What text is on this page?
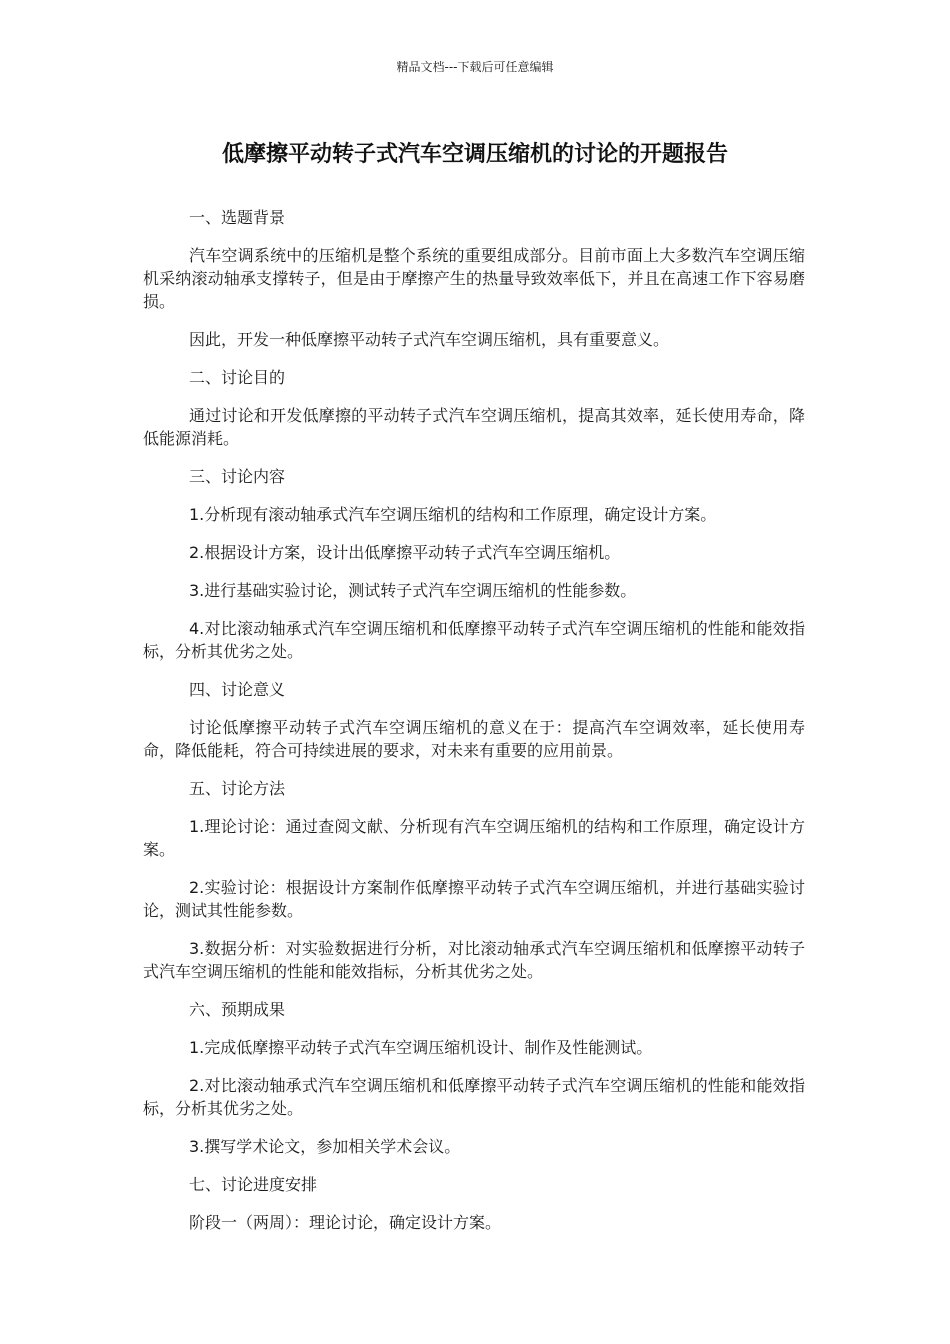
精品文档---下载后可任意编辑
低摩擦平动转子式汽车空调压缩机的讨论的开题报告

一、选题背景

汽车空调系统中的压缩机是整个系统的重要组成部分。目前市面上大多数汽车空调压缩机采纳滚动轴承支撑转子，但是由于摩擦产生的热量导致效率低下，并且在高速工作下容易磨损。

因此，开发一种低摩擦平动转子式汽车空调压缩机，具有重要意义。

二、讨论目的

通过讨论和开发低摩擦的平动转子式汽车空调压缩机，提高其效率，延长使用寿命，降低能源消耗。

三、讨论内容

1.分析现有滚动轴承式汽车空调压缩机的结构和工作原理，确定设计方案。

2.根据设计方案，设计出低摩擦平动转子式汽车空调压缩机。

3.进行基础实验讨论，测试转子式汽车空调压缩机的性能参数。

4.对比滚动轴承式汽车空调压缩机和低摩擦平动转子式汽车空调压缩机的性能和能效指标，分析其优劣之处。

四、讨论意义

讨论低摩擦平动转子式汽车空调压缩机的意义在于：提高汽车空调效率，延长使用寿命，降低能耗，符合可持续进展的要求，对未来有重要的应用前景。

五、讨论方法

1.理论讨论：通过查阅文献、分析现有汽车空调压缩机的结构和工作原理，确定设计方案。

2.实验讨论：根据设计方案制作低摩擦平动转子式汽车空调压缩机，并进行基础实验讨论，测试其性能参数。

3.数据分析：对实验数据进行分析，对比滚动轴承式汽车空调压缩机和低摩擦平动转子式汽车空调压缩机的性能和能效指标，分析其优劣之处。

六、预期成果

1.完成低摩擦平动转子式汽车空调压缩机设计、制作及性能测试。

2.对比滚动轴承式汽车空调压缩机和低摩擦平动转子式汽车空调压缩机的性能和能效指标，分析其优劣之处。

3.撰写学术论文，参加相关学术会议。

七、讨论进度安排

阶段一（两周）：理论讨论，确定设计方案。
